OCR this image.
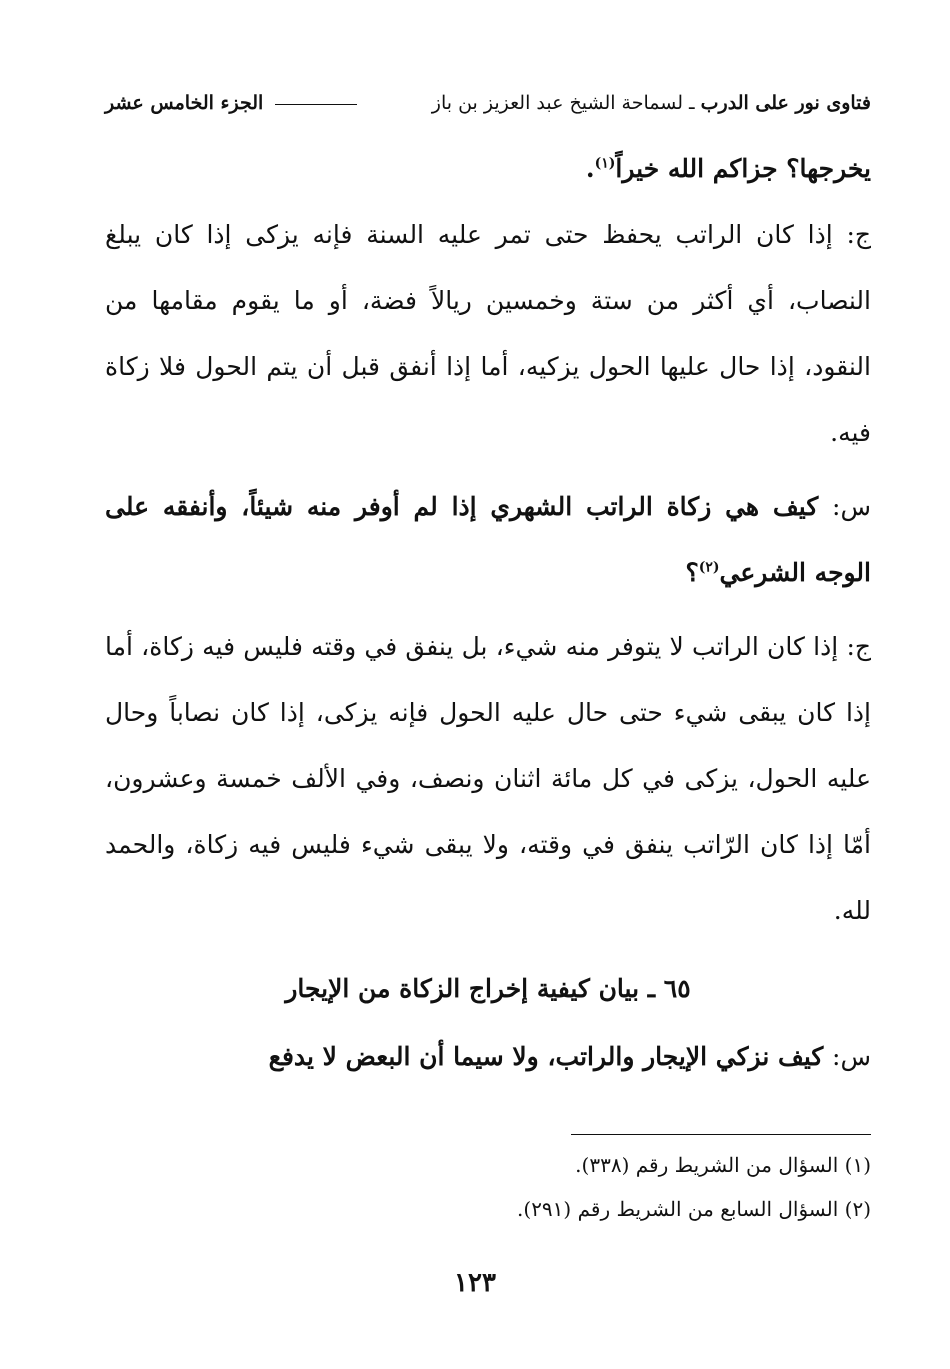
فتاوى نور على الدرب ـ لسماحة الشيخ عبد العزيز بن باز
الجزء الخامس عشر

يخرجها؟ جزاكم الله خيراً$^{(١)}$.

ج: إذا كان الراتب يحفظ حتى تمر عليه السنة فإنه يزكى إذا كان يبلغ النصاب، أي أكثر من ستة وخمسين ريالاً فضة، أو ما يقوم مقامها من النقود، إذا حال عليها الحول يزكيه، أما إذا أنفق قبل أن يتم الحول فلا زكاة فيه.

س: كيف هي زكاة الراتب الشهري إذا لم أوفر منه شيئاً، وأنفقه على الوجه الشرعي$^{(٢)}$؟

ج: إذا كان الراتب لا يتوفر منه شيء، بل ينفق في وقته فليس فيه زكاة، أما إذا كان يبقى شيء حتى حال عليه الحول فإنه يزكى، إذا كان نصاباً وحال عليه الحول، يزكى في كل مائة اثنان ونصف، وفي الألف خمسة وعشرون، أمّا إذا كان الرّاتب ينفق في وقته، ولا يبقى شيء فليس فيه زكاة، والحمد لله.

٦٥ ـ بيان كيفية إخراج الزكاة من الإيجار

س: كيف نزكي الإيجار والراتب، ولا سيما أن البعض لا يدفع

(١) السؤال من الشريط رقم (٣٣٨).
(٢) السؤال السابع من الشريط رقم (٢٩١).
١٢٣
